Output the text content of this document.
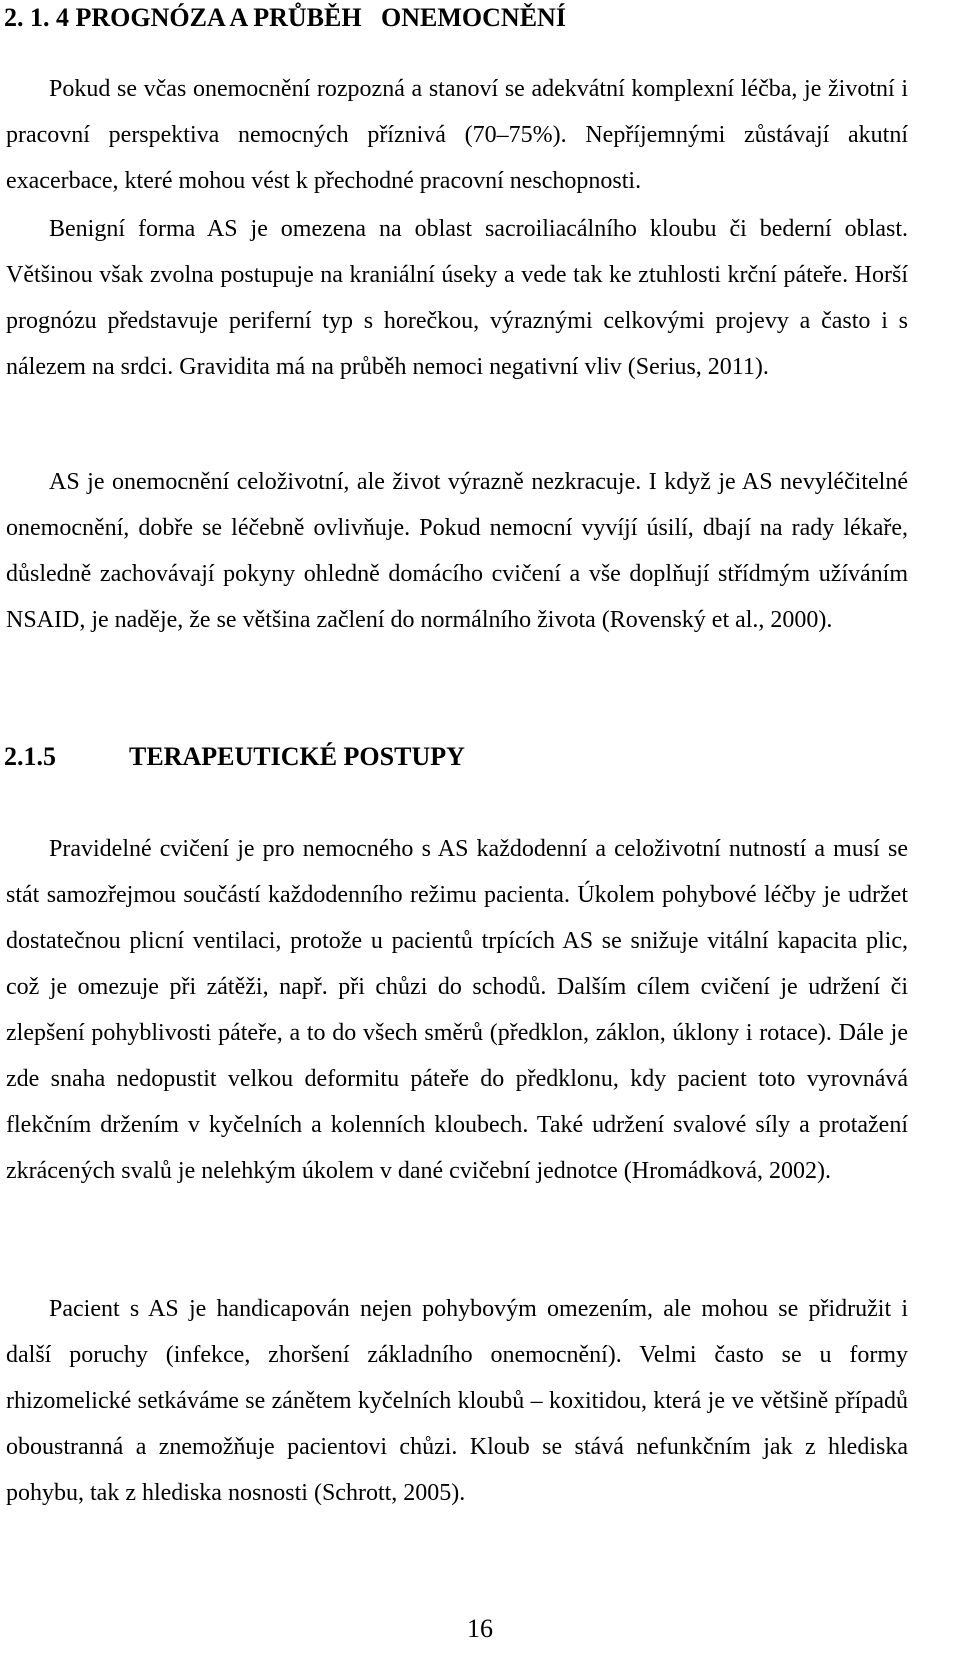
2. 1. 4 PROGNÓZA A PRŮBĚH   ONEMOCNĚNÍ

Pokud se včas onemocnění rozpozná a stanoví se adekvátní komplexní léčba, je životní i pracovní perspektiva nemocných příznivá (70–75%). Nepříjemnými zůstávají akutní exacerbace, které mohou vést k přechodné pracovní neschopnosti.

Benigní forma AS je omezena na oblast sacroiliacálního kloubu či bederní oblast. Většinou však zvolna postupuje na kraniální úseky a vede tak ke ztuhlosti krční páteře. Horší prognózu představuje periferní typ s horečkou, výraznými celkovými projevy a často i s nálezem na srdci. Gravidita má na průběh nemoci negativní vliv (Serius, 2011).

AS je onemocnění celoživotní, ale život výrazně nezkracuje. I když je AS nevyléčitelné onemocnění, dobře se léčebně ovlivňuje. Pokud nemocní vyvíjí úsilí, dbají na rady lékaře, důsledně zachovávají pokyny ohledně domácího cvičení a vše doplňují střídmým užíváním NSAID, je naděje, že se většina začlení do normálního života (Rovenský et al., 2000).

2.1.5	TERAPEUTICKÉ POSTUPY

Pravidelné cvičení je pro nemocného s AS každodenní a celoživotní nutností a musí se stát samozřejmou součástí každodenního režimu pacienta. Úkolem pohybové léčby je udržet dostatečnou plicní ventilaci, protože u pacientů trpících AS se snižuje vitální kapacita plic, což je omezuje při zátěži, např. při chůzi do schodů. Dalším cílem cvičení je udržení či zlepšení pohyblivosti páteře, a to do všech směrů (předklon, záklon, úklony i rotace). Dále je zde snaha nedopustit velkou deformitu páteře do předklonu, kdy pacient toto vyrovnává flekčním držením v kyčelních a kolenních kloubech. Také udržení svalové síly a protažení zkrácených svalů je nelehkým úkolem v dané cvičební jednotce (Hromádková, 2002).

Pacient s AS je handicapován nejen pohybovým omezením, ale mohou se přidružit i další poruchy (infekce, zhoršení základního onemocnění). Velmi často se u formy rhizomelické setkáváme se zánětem kyčelních kloubů – koxitidou, která je ve většině případů oboustranná a znemožňuje pacientovi chůzi. Kloub se stává nefunkčním jak z hlediska pohybu, tak z hlediska nosnosti (Schrott, 2005).

16
